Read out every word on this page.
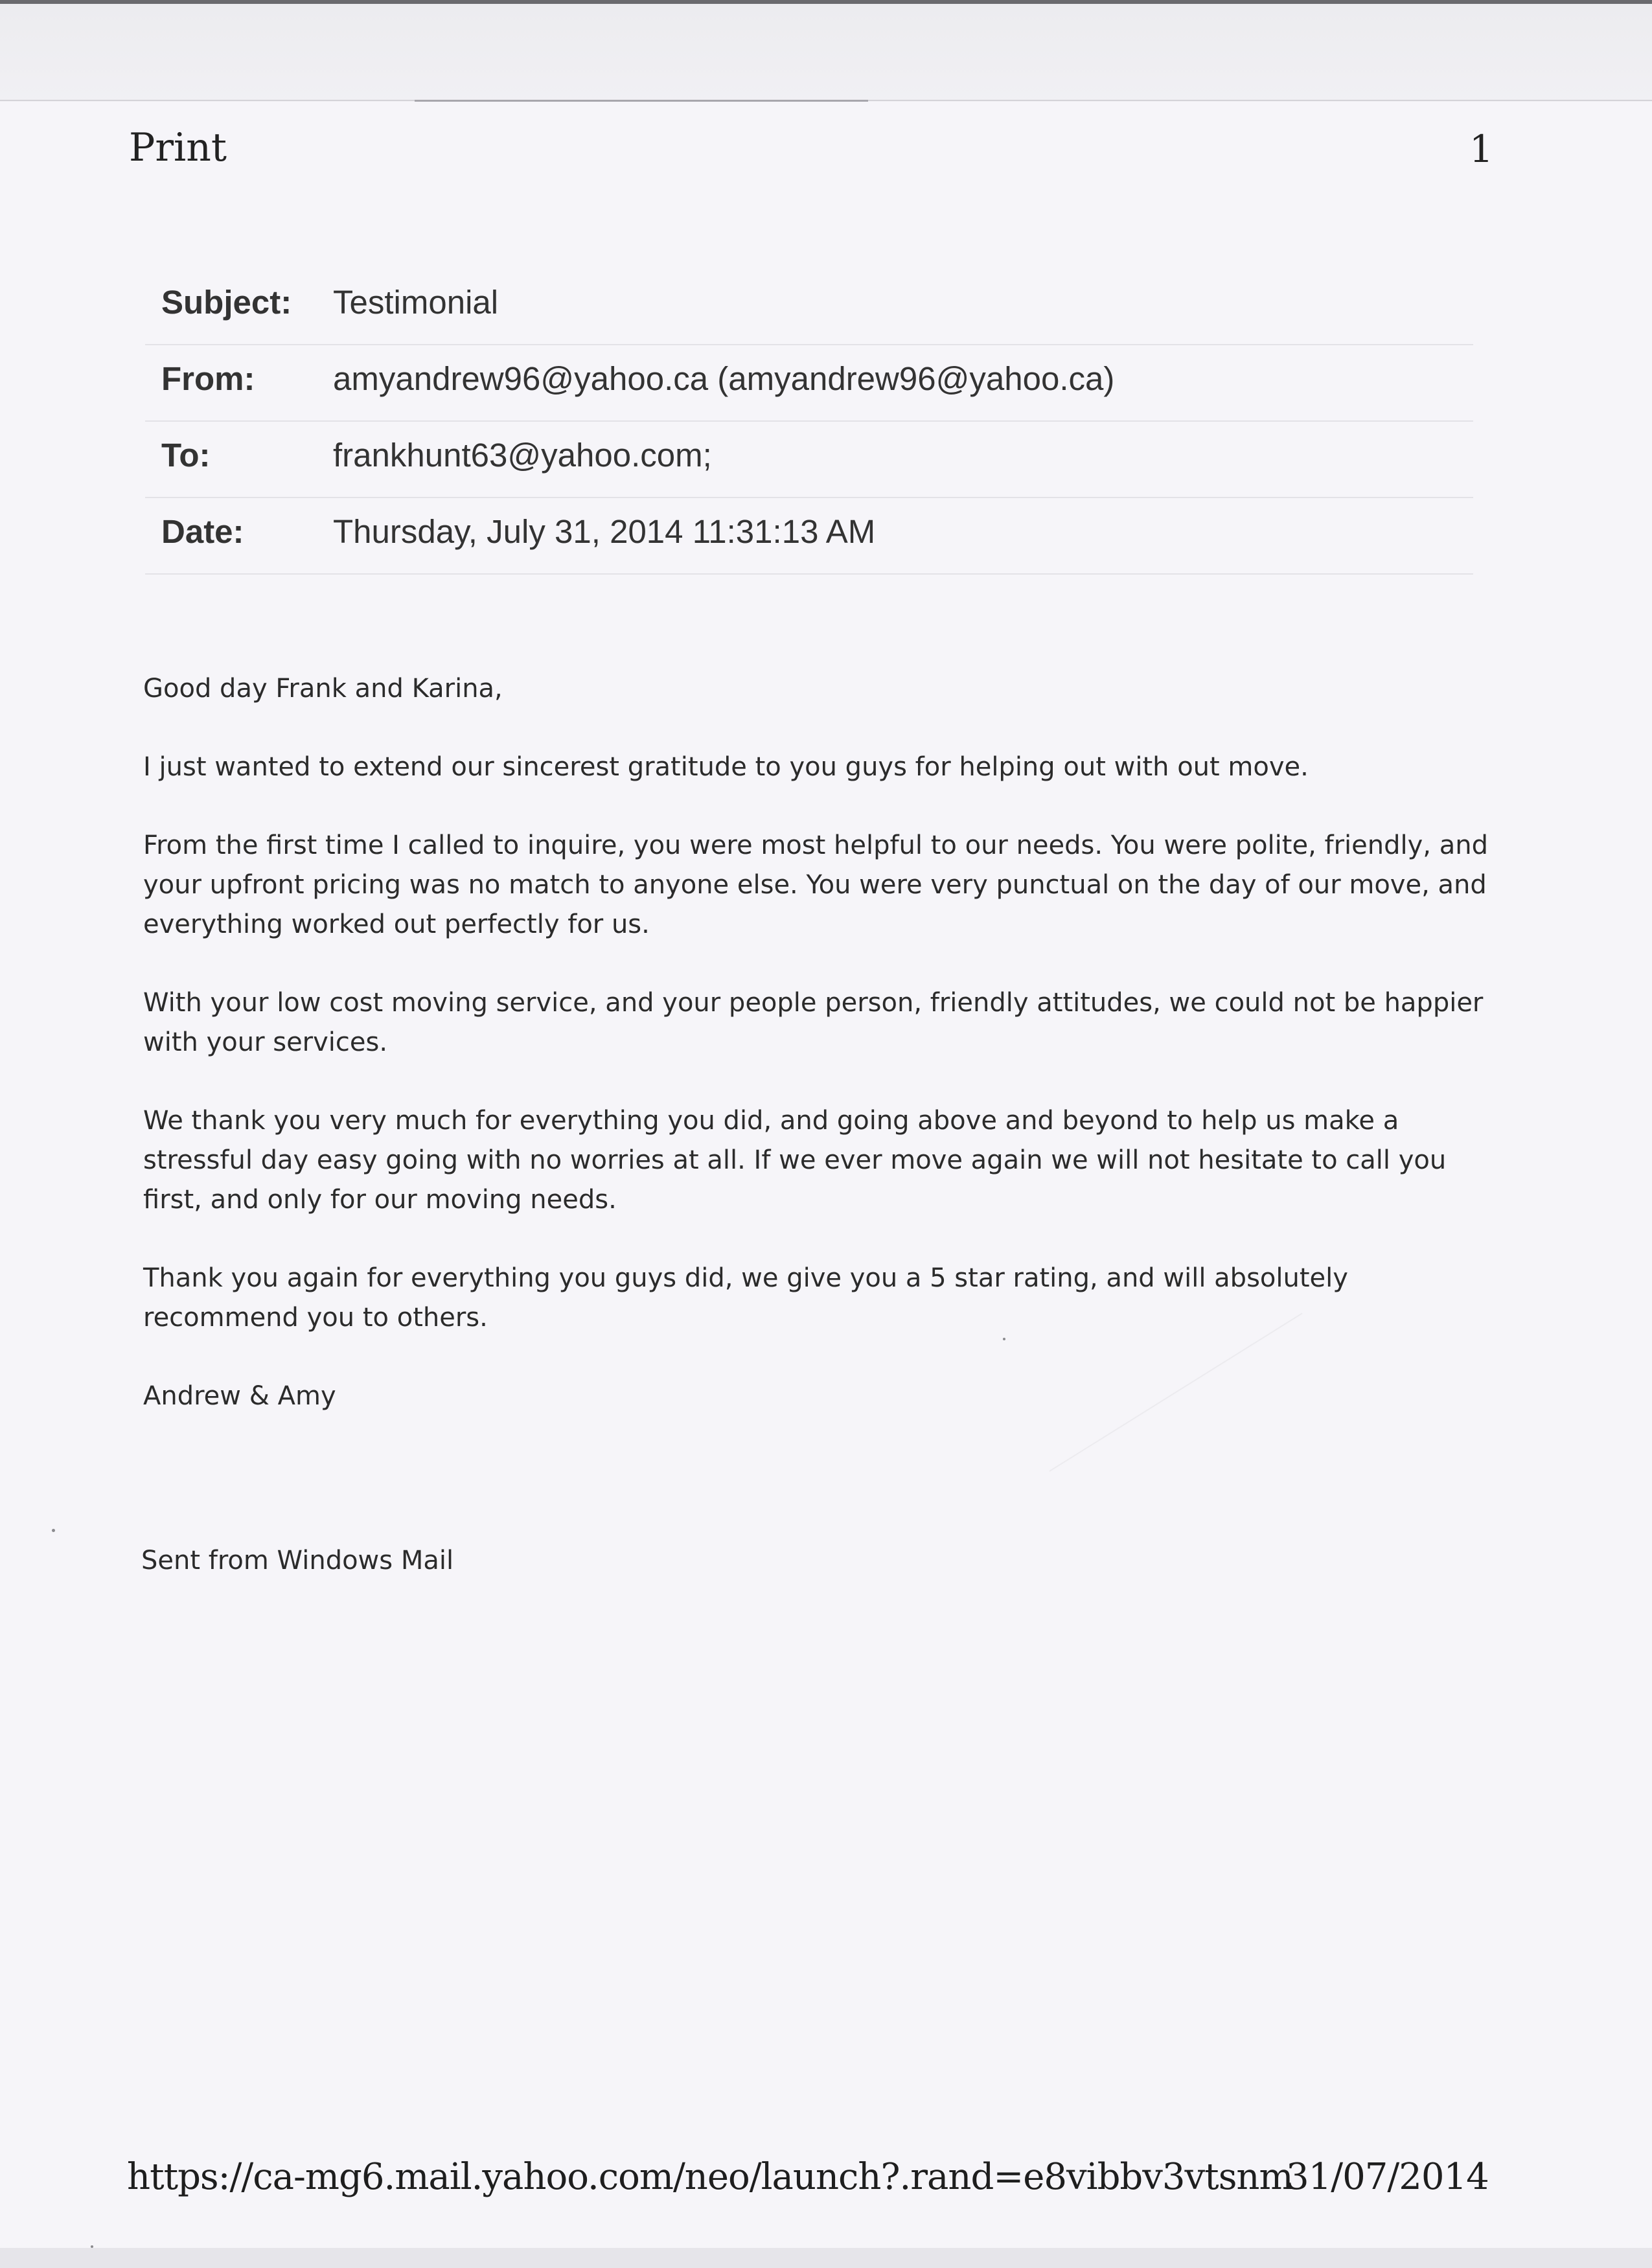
Print	1
Subject: Testimonial
From: amyandrew96@yahoo.ca (amyandrew96@yahoo.ca)
To:	frankhunt63@yahoo.com;
Date:	Thursday, July 31, 2014 11:31:13 AM

Good day Frank and Karina,

I just wanted to extend our sincerest gratitude to you guys for helping out with out move.

From the first time I called to inquire, you were most helpful to our needs. You were polite, friendly, and your upfront pricing was no match to anyone else. You were very punctual on the day of our move, and everything worked out perfectly for us.

With your low cost moving service, and your people person, friendly attitudes, we could not be happier with your services.

We thank you very much for everything you did, and going above and beyond to help us make a stressful day easy going with no worries at all. If we ever move again we will not hesitate to call you first, and only for our moving needs.

Thank you again for everything you guys did, we give you a 5 star rating, and will absolutely recommend you to others.

Andrew & Amy

Sent from Windows Mail
https://ca-mg6.mail.yahoo.com/neo/launch?.rand=e8vibbv3vtsnm
31/07/2014
